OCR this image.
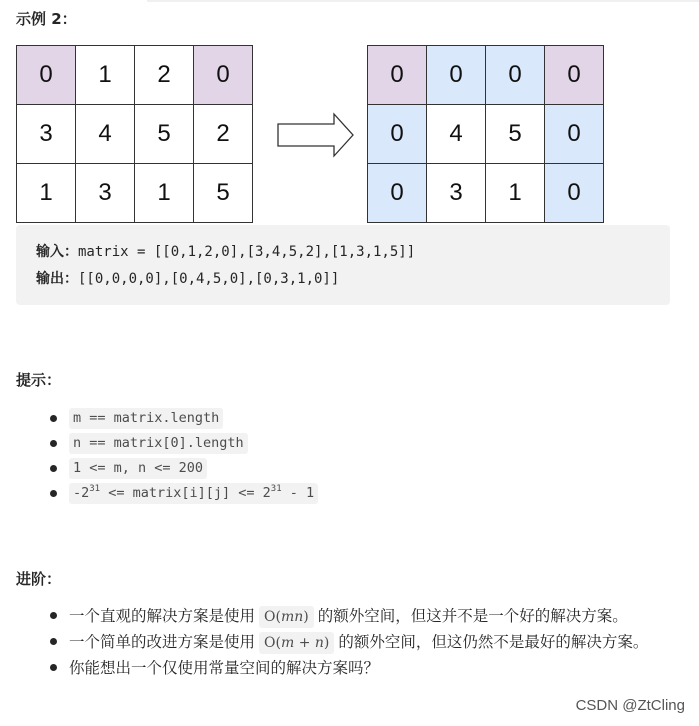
示例 2：
0	1	2	0
3	4	5	2
1	3	1	5
0	0	0	0
0	4	5	0
0	3	1	0
输入：matrix = [[0,1,2,0],[3,4,5,2],[1,3,1,5]]
输出：[[0,0,0,0],[0,4,5,0],[0,3,1,0]]
提示：
m == matrix.length
n == matrix[0].length
1 <= m, n <= 200
$-2^{31}$ <= matrix[i][j] <= $2^{31} - 1$
进阶：
一个直观的解决方案是使用 O(mn) 的额外空间，但这并不是一个好的解决方案。
一个简单的改进方案是使用 O(m + n) 的额外空间，但这仍然不是最好的解决方案。
你能想出一个仅使用常量空间的解决方案吗？
CSDN @ZtCling
